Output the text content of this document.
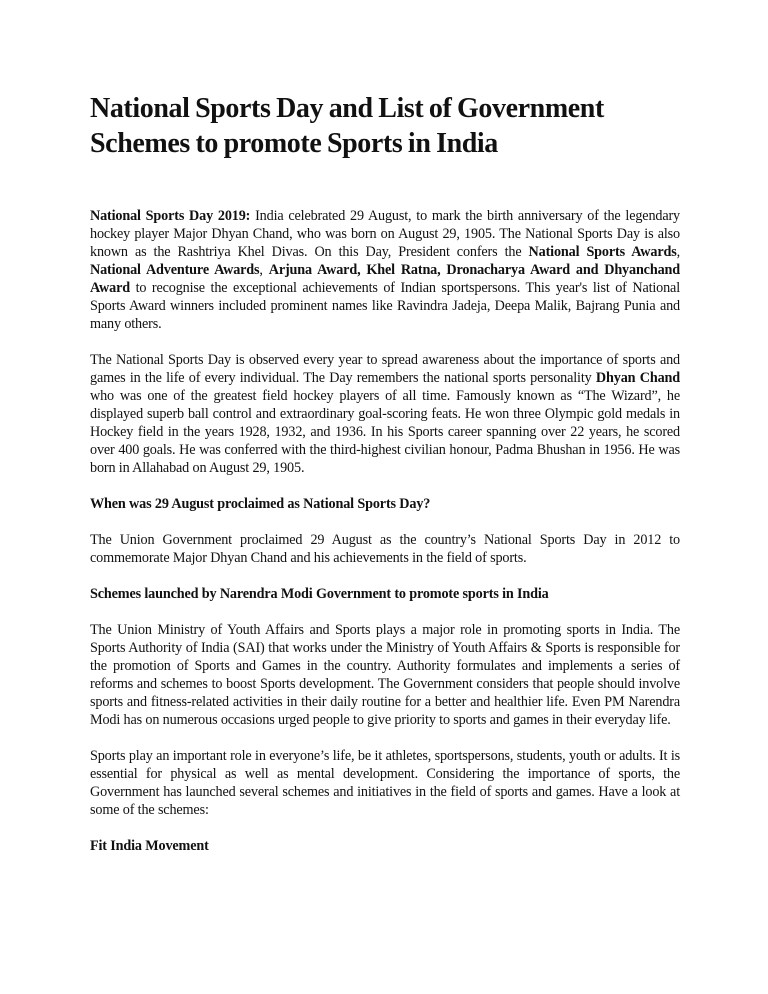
National Sports Day and List of Government Schemes to promote Sports in India

National Sports Day 2019: India celebrated 29 August, to mark the birth anniversary of the legendary hockey player Major Dhyan Chand, who was born on August 29, 1905. The National Sports Day is also known as the Rashtriya Khel Divas. On this Day, President confers the National Sports Awards, National Adventure Awards, Arjuna Award, Khel Ratna, Dronacharya Award and Dhyanchand Award to recognise the exceptional achievements of Indian sportspersons. This year's list of National Sports Award winners included prominent names like Ravindra Jadeja, Deepa Malik, Bajrang Punia and many others.

The National Sports Day is observed every year to spread awareness about the importance of sports and games in the life of every individual. The Day remembers the national sports personality Dhyan Chand who was one of the greatest field hockey players of all time. Famously known as “The Wizard”, he displayed superb ball control and extraordinary goal-scoring feats. He won three Olympic gold medals in Hockey field in the years 1928, 1932, and 1936. In his Sports career spanning over 22 years, he scored over 400 goals. He was conferred with the third-highest civilian honour, Padma Bhushan in 1956. He was born in Allahabad on August 29, 1905.

When was 29 August proclaimed as National Sports Day?

The Union Government proclaimed 29 August as the country’s National Sports Day in 2012 to commemorate Major Dhyan Chand and his achievements in the field of sports.

Schemes launched by Narendra Modi Government to promote sports in India

The Union Ministry of Youth Affairs and Sports plays a major role in promoting sports in India. The Sports Authority of India (SAI) that works under the Ministry of Youth Affairs & Sports is responsible for the promotion of Sports and Games in the country. Authority formulates and implements a series of reforms and schemes to boost Sports development. The Government considers that people should involve sports and fitness-related activities in their daily routine for a better and healthier life. Even PM Narendra Modi has on numerous occasions urged people to give priority to sports and games in their everyday life.

Sports play an important role in everyone’s life, be it athletes, sportspersons, students, youth or adults. It is essential for physical as well as mental development. Considering the importance of sports, the Government has launched several schemes and initiatives in the field of sports and games. Have a look at some of the schemes:

Fit India Movement
